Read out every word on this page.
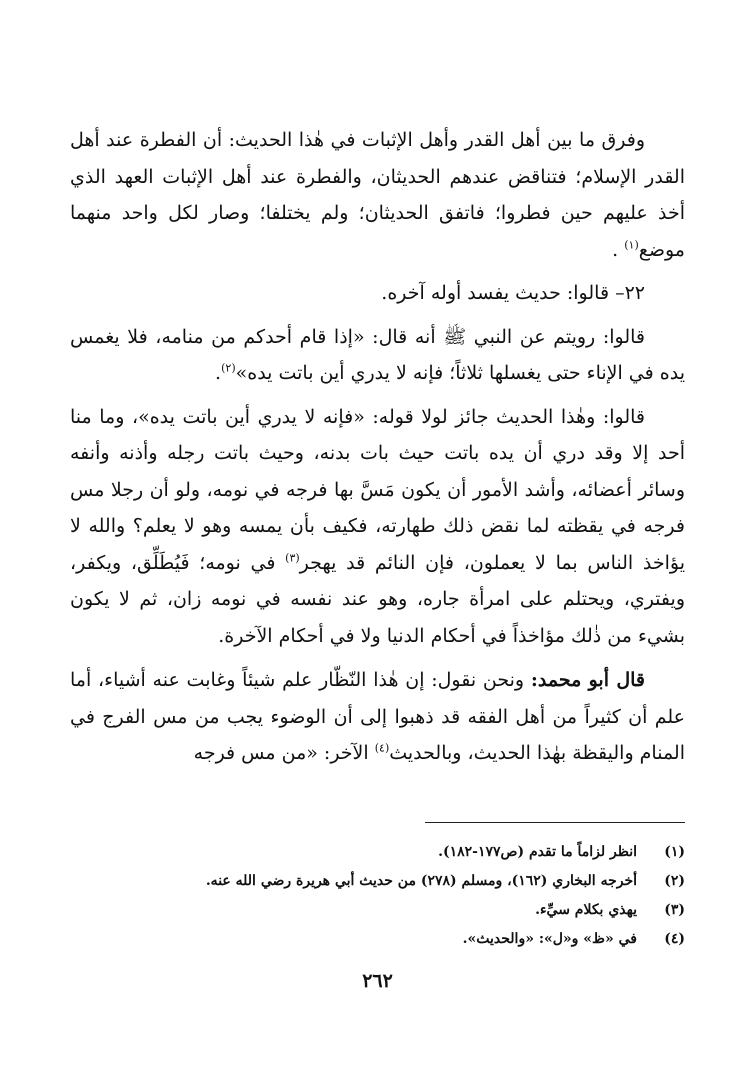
وفرق ما بين أهل القدر وأهل الإثبات في هٰذا الحديث: أن الفطرة عند أهل القدر الإسلام؛ فتناقض عندهم الحديثان، والفطرة عند أهل الإثبات العهد الذي أخذ عليهم حين فطروا؛ فاتفق الحديثان؛ ولم يختلفا؛ وصار لكل واحد منهما موضع$^{(١)}$ .

٢٢– قالوا: حديث يفسد أوله آخره.

قالوا: رويتم عن النبي ﷺ أنه قال: «إذا قام أحدكم من منامه، فلا يغمس يده في الإناء حتى يغسلها ثلاثاً؛ فإنه لا يدري أين باتت يده»$^{(٢)}$.

قالوا: وهٰذا الحديث جائز لولا قوله: «فإنه لا يدري أين باتت يده»، وما منا أحد إلا وقد دري أن يده باتت حيث بات بدنه، وحيث باتت رجله وأذنه وأنفه وسائر أعضائه، وأشد الأمور أن يكون مَسَّ بها فرجه في نومه، ولو أن رجلا مس فرجه في يقظته لما نقض ذلك طهارته، فكيف بأن يمسه وهو لا يعلم؟ والله لا يؤاخذ الناس بما لا يعملون، فإن النائم قد يهجر$^{(٣)}$ في نومه؛ فَيُطَلِّق، ويكفر، ويفتري، ويحتلم على امرأة جاره، وهو عند نفسه في نومه زان، ثم لا يكون بشيء من ذٰلك مؤاخذاً في أحكام الدنيا ولا في أحكام الآخرة.

قال أبو محمد: ونحن نقول: إن هٰذا النّظّار علم شيئاً وغابت عنه أشياء، أما علم أن كثيراً من أهل الفقه قد ذهبوا إلى أن الوضوء يجب من مس الفرج في المنام واليقظة بهٰذا الحديث، وبالحديث$^{(٤)}$ الآخر: «من مس فرجه

(١)
انظر لزاماً ما تقدم (ص١٧٧-١٨٢).
(٢)
أخرجه البخاري (١٦٢)، ومسلم (٢٧٨) من حديث أبي هريرة رضي الله عنه.
(٣)
يهذي بكلام سيِّء.
(٤)
في «ظ» و«ل»: «والحديث».
٢٦٢
